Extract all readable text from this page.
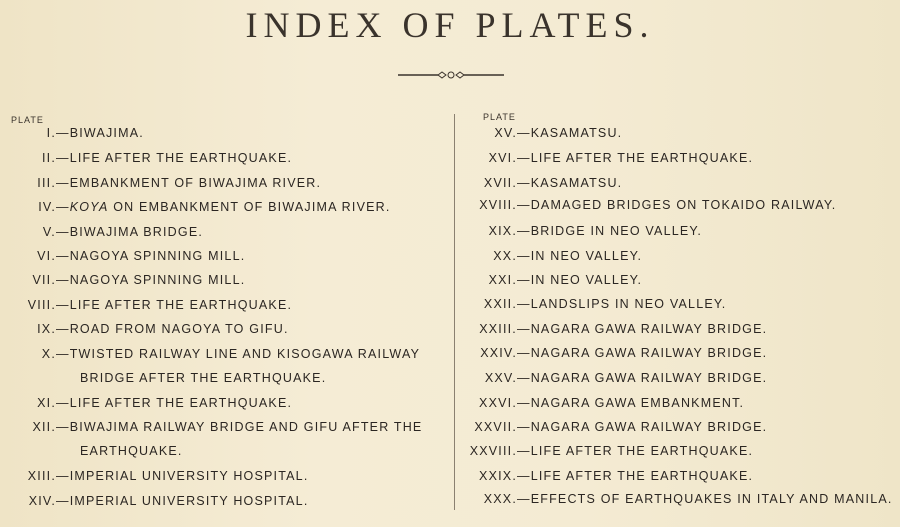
INDEX OF PLATES.
PLATE
I.—BIWAJIMA.
II.—LIFE AFTER THE EARTHQUAKE.
III.—EMBANKMENT OF BIWAJIMA RIVER.
IV.—KOYA ON EMBANKMENT OF BIWAJIMA RIVER.
V.—BIWAJIMA BRIDGE.
VI.—NAGOYA SPINNING MILL.
VII.—NAGOYA SPINNING MILL.
VIII.—LIFE AFTER THE EARTHQUAKE.
IX.—ROAD FROM NAGOYA TO GIFU.
X.—TWISTED RAILWAY LINE AND KISOGAWA RAILWAY
BRIDGE AFTER THE EARTHQUAKE.
XI.—LIFE AFTER THE EARTHQUAKE.
XII.—BIWAJIMA RAILWAY BRIDGE AND GIFU AFTER THE
EARTHQUAKE.
XIII.—IMPERIAL UNIVERSITY HOSPITAL.
XIV.—IMPERIAL UNIVERSITY HOSPITAL.
PLATE
XV.—KASAMATSU.
XVI.—LIFE AFTER THE EARTHQUAKE.
XVII.—KASAMATSU.
XVIII.—DAMAGED BRIDGES ON TOKAIDO RAILWAY.
XIX.—BRIDGE IN NEO VALLEY.
XX.—IN NEO VALLEY.
XXI.—IN NEO VALLEY.
XXII.—LANDSLIPS IN NEO VALLEY.
XXIII.—NAGARA GAWA RAILWAY BRIDGE.
XXIV.—NAGARA GAWA RAILWAY BRIDGE.
XXV.—NAGARA GAWA RAILWAY BRIDGE.
XXVI.—NAGARA GAWA EMBANKMENT.
XXVII.—NAGARA GAWA RAILWAY BRIDGE.
XXVIII.—LIFE AFTER THE EARTHQUAKE.
XXIX.—LIFE AFTER THE EARTHQUAKE.
XXX.—EFFECTS OF EARTHQUAKES IN ITALY AND MANILA.
